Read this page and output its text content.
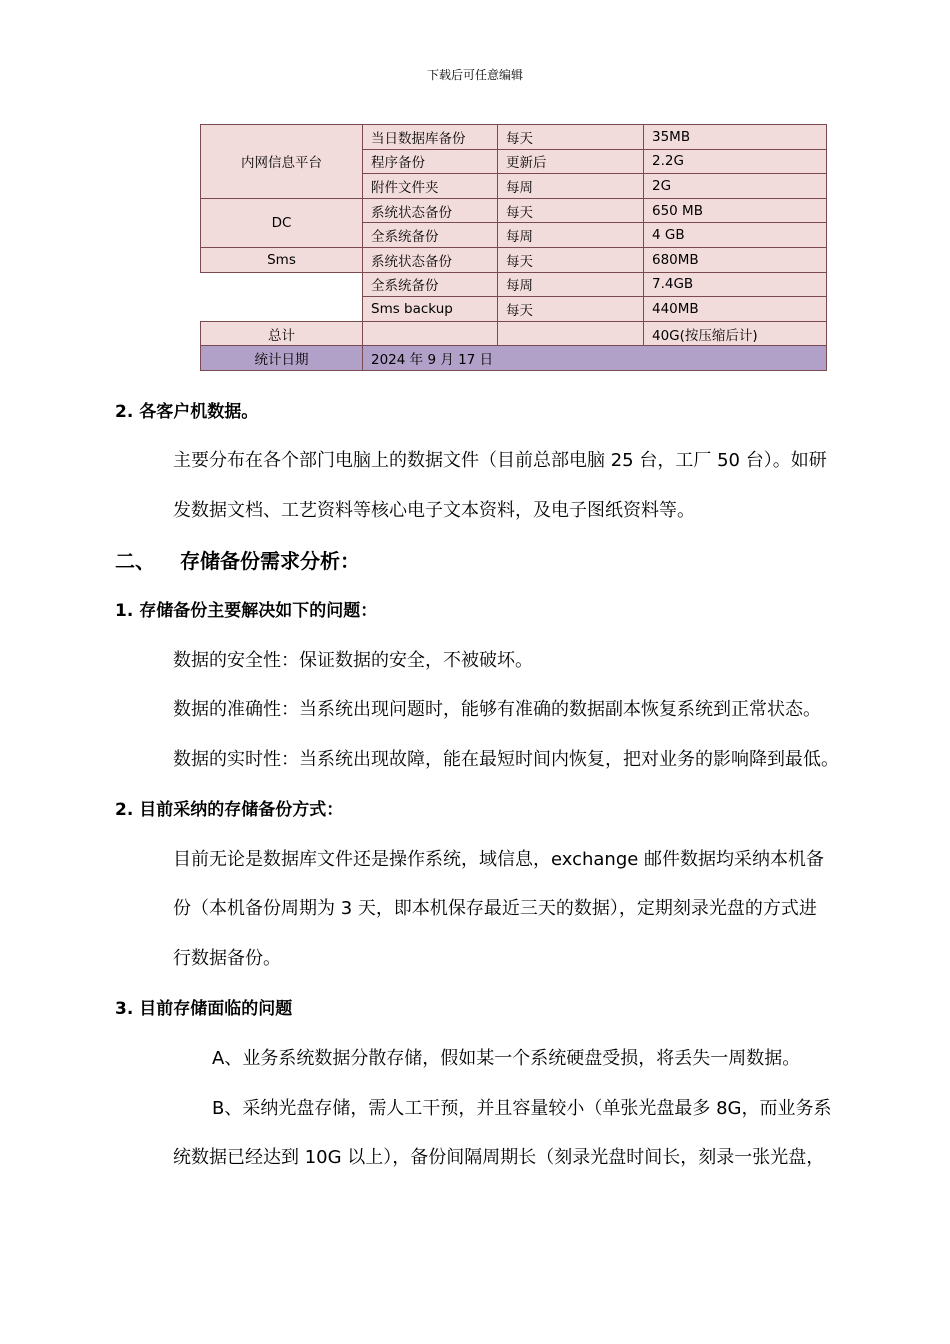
下载后可任意编辑
内网信息平台	当日数据库备份	每天	35MB
	程序备份	更新后	2.2G
	附件文件夹	每周	2G
DC	系统状态备份	每天	650 MB
	全系统备份	每周	4 GB
Sms	系统状态备份	每天	680MB
	全系统备份	每周	7.4GB
	Sms backup	每天	440MB
总计			40G(按压缩后计)
统计日期	2024 年 9 月 17 日		
2. 各客户机数据。
主要分布在各个部门电脑上的数据文件（目前总部电脑 25 台，工厂 50 台）。如研
发数据文档、工艺资料等核心电子文本资料，及电子图纸资料等。
二、 存储备份需求分析：
1. 存储备份主要解决如下的问题：
数据的安全性：保证数据的安全，不被破坏。
数据的准确性：当系统出现问题时，能够有准确的数据副本恢复系统到正常状态。
数据的实时性：当系统出现故障，能在最短时间内恢复，把对业务的影响降到最低。
2. 目前采纳的存储备份方式：
目前无论是数据库文件还是操作系统，域信息，exchange 邮件数据均采纳本机备
份（本机备份周期为 3 天，即本机保存最近三天的数据），定期刻录光盘的方式进
行数据备份。
3. 目前存储面临的问题
A、业务系统数据分散存储，假如某一个系统硬盘受损，将丢失一周数据。
B、采纳光盘存储，需人工干预，并且容量较小（单张光盘最多 8G，而业务系
统数据已经达到 10G 以上），备份间隔周期长（刻录光盘时间长，刻录一张光盘，
